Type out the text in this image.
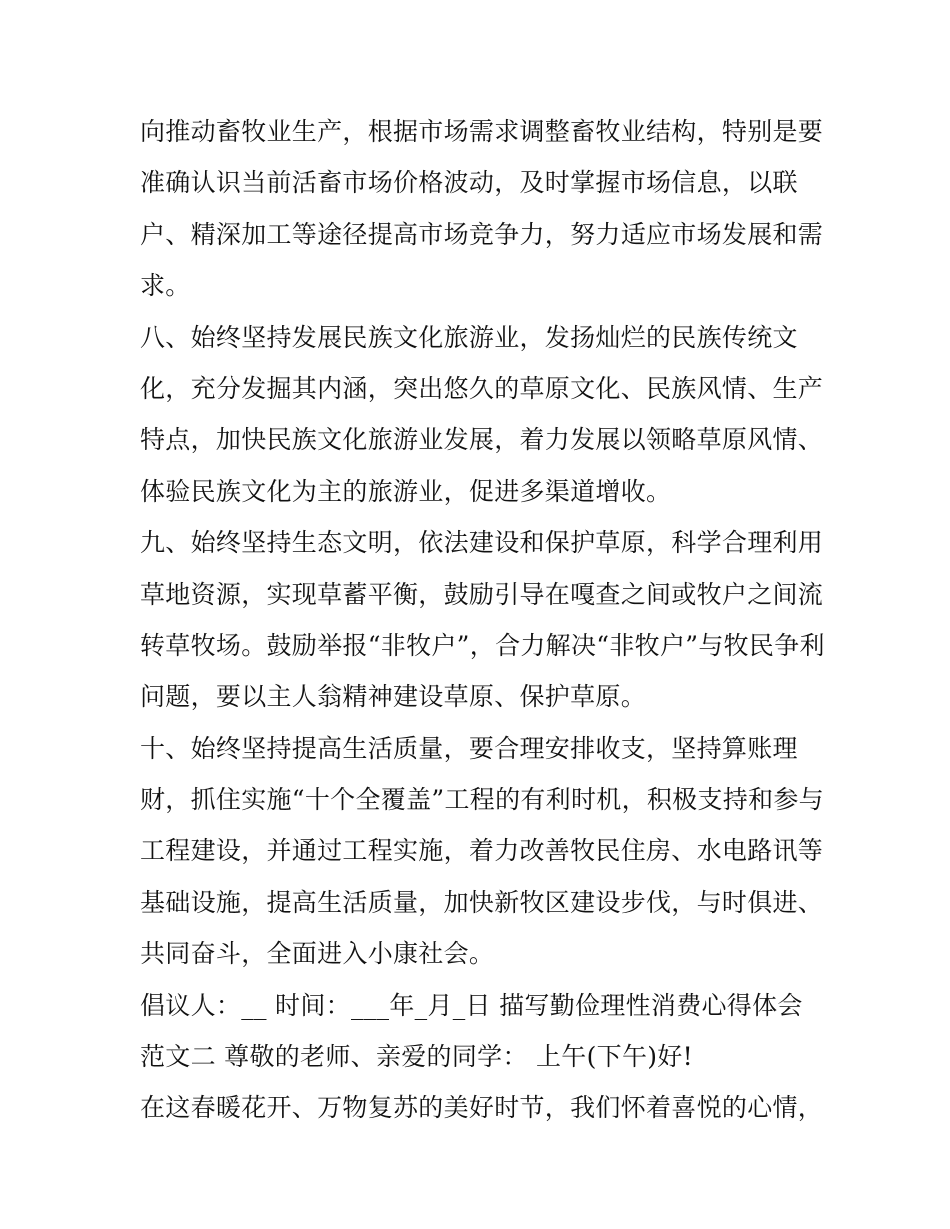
向推动畜牧业生产，根据市场需求调整畜牧业结构，特别是要
准确认识当前活畜市场价格波动，及时掌握市场信息，以联
户、精深加工等途径提高市场竞争力，努力适应市场发展和需
求。
八、始终坚持发展民族文化旅游业，发扬灿烂的民族传统文
化，充分发掘其内涵，突出悠久的草原文化、民族风情、生产
特点，加快民族文化旅游业发展，着力发展以领略草原风情、
体验民族文化为主的旅游业，促进多渠道增收。
九、始终坚持生态文明，依法建设和保护草原，科学合理利用
草地资源，实现草蓄平衡，鼓励引导在嘎查之间或牧户之间流
转草牧场。鼓励举报“非牧户”，合力解决“非牧户”与牧民争利
问题，要以主人翁精神建设草原、保护草原。
十、始终坚持提高生活质量，要合理安排收支，坚持算账理
财，抓住实施“十个全覆盖”工程的有利时机，积极支持和参与
工程建设，并通过工程实施，着力改善牧民住房、水电路讯等
基础设施，提高生活质量，加快新牧区建设步伐，与时俱进、
共同奋斗，全面进入小康社会。
倡议人：__ 时间：___年_月_日 描写勤俭理性消费心得体会
范文二 尊敬的老师、亲爱的同学： 上午(下午)好!
在这春暖花开、万物复苏的美好时节，我们怀着喜悦的心情，
